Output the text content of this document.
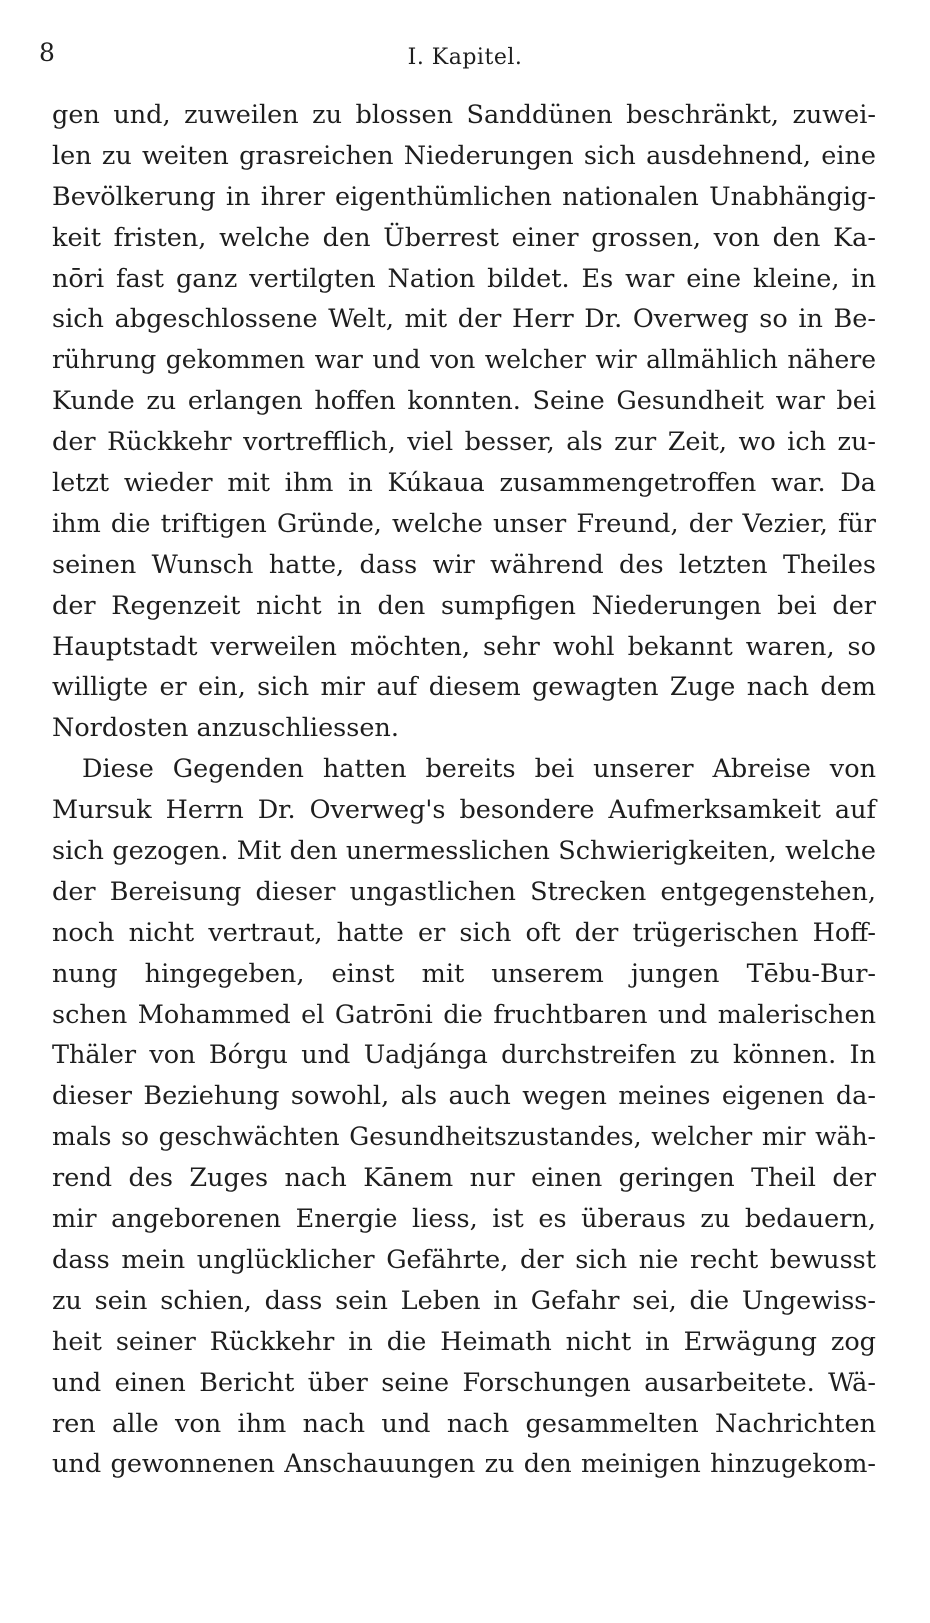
8	I. Kapitel.
gen und, zuweilen zu blossen Sanddünen beschränkt, zuwei-
len zu weiten grasreichen Niederungen sich ausdehnend, eine
Bevölkerung in ihrer eigenthümlichen nationalen Unabhängig-
keit fristen, welche den Überrest einer grossen, von den Ka-
nōri fast ganz vertilgten Nation bildet. Es war eine kleine, in
sich abgeschlossene Welt, mit der Herr Dr. Overweg so in Be-
rührung gekommen war und von welcher wir allmählich nähere
Kunde zu erlangen hoffen konnten. Seine Gesundheit war bei
der Rückkehr vortrefflich, viel besser, als zur Zeit, wo ich zu-
letzt wieder mit ihm in Kúkaua zusammengetroffen war. Da
ihm die triftigen Gründe, welche unser Freund, der Vezier, für
seinen Wunsch hatte, dass wir während des letzten Theiles
der Regenzeit nicht in den sumpfigen Niederungen bei der
Hauptstadt verweilen möchten, sehr wohl bekannt waren, so
willigte er ein, sich mir auf diesem gewagten Zuge nach dem
Nordosten anzuschliessen.
Diese Gegenden hatten bereits bei unserer Abreise von
Mursuk Herrn Dr. Overweg's besondere Aufmerksamkeit auf
sich gezogen. Mit den unermesslichen Schwierigkeiten, welche
der Bereisung dieser ungastlichen Strecken entgegenstehen,
noch nicht vertraut, hatte er sich oft der trügerischen Hoff-
nung hingegeben, einst mit unserem jungen Tēbu-Bur-
schen Mohammed el Gatrōni die fruchtbaren und malerischen
Thäler von Bórgu und Uadjánga durchstreifen zu können. In
dieser Beziehung sowohl, als auch wegen meines eigenen da-
mals so geschwächten Gesundheitszustandes, welcher mir wäh-
rend des Zuges nach Kānem nur einen geringen Theil der
mir angeborenen Energie liess, ist es überaus zu bedauern,
dass mein unglücklicher Gefährte, der sich nie recht bewusst
zu sein schien, dass sein Leben in Gefahr sei, die Ungewiss-
heit seiner Rückkehr in die Heimath nicht in Erwägung zog
und einen Bericht über seine Forschungen ausarbeitete. Wä-
ren alle von ihm nach und nach gesammelten Nachrichten
und gewonnenen Anschauungen zu den meinigen hinzugekom-
